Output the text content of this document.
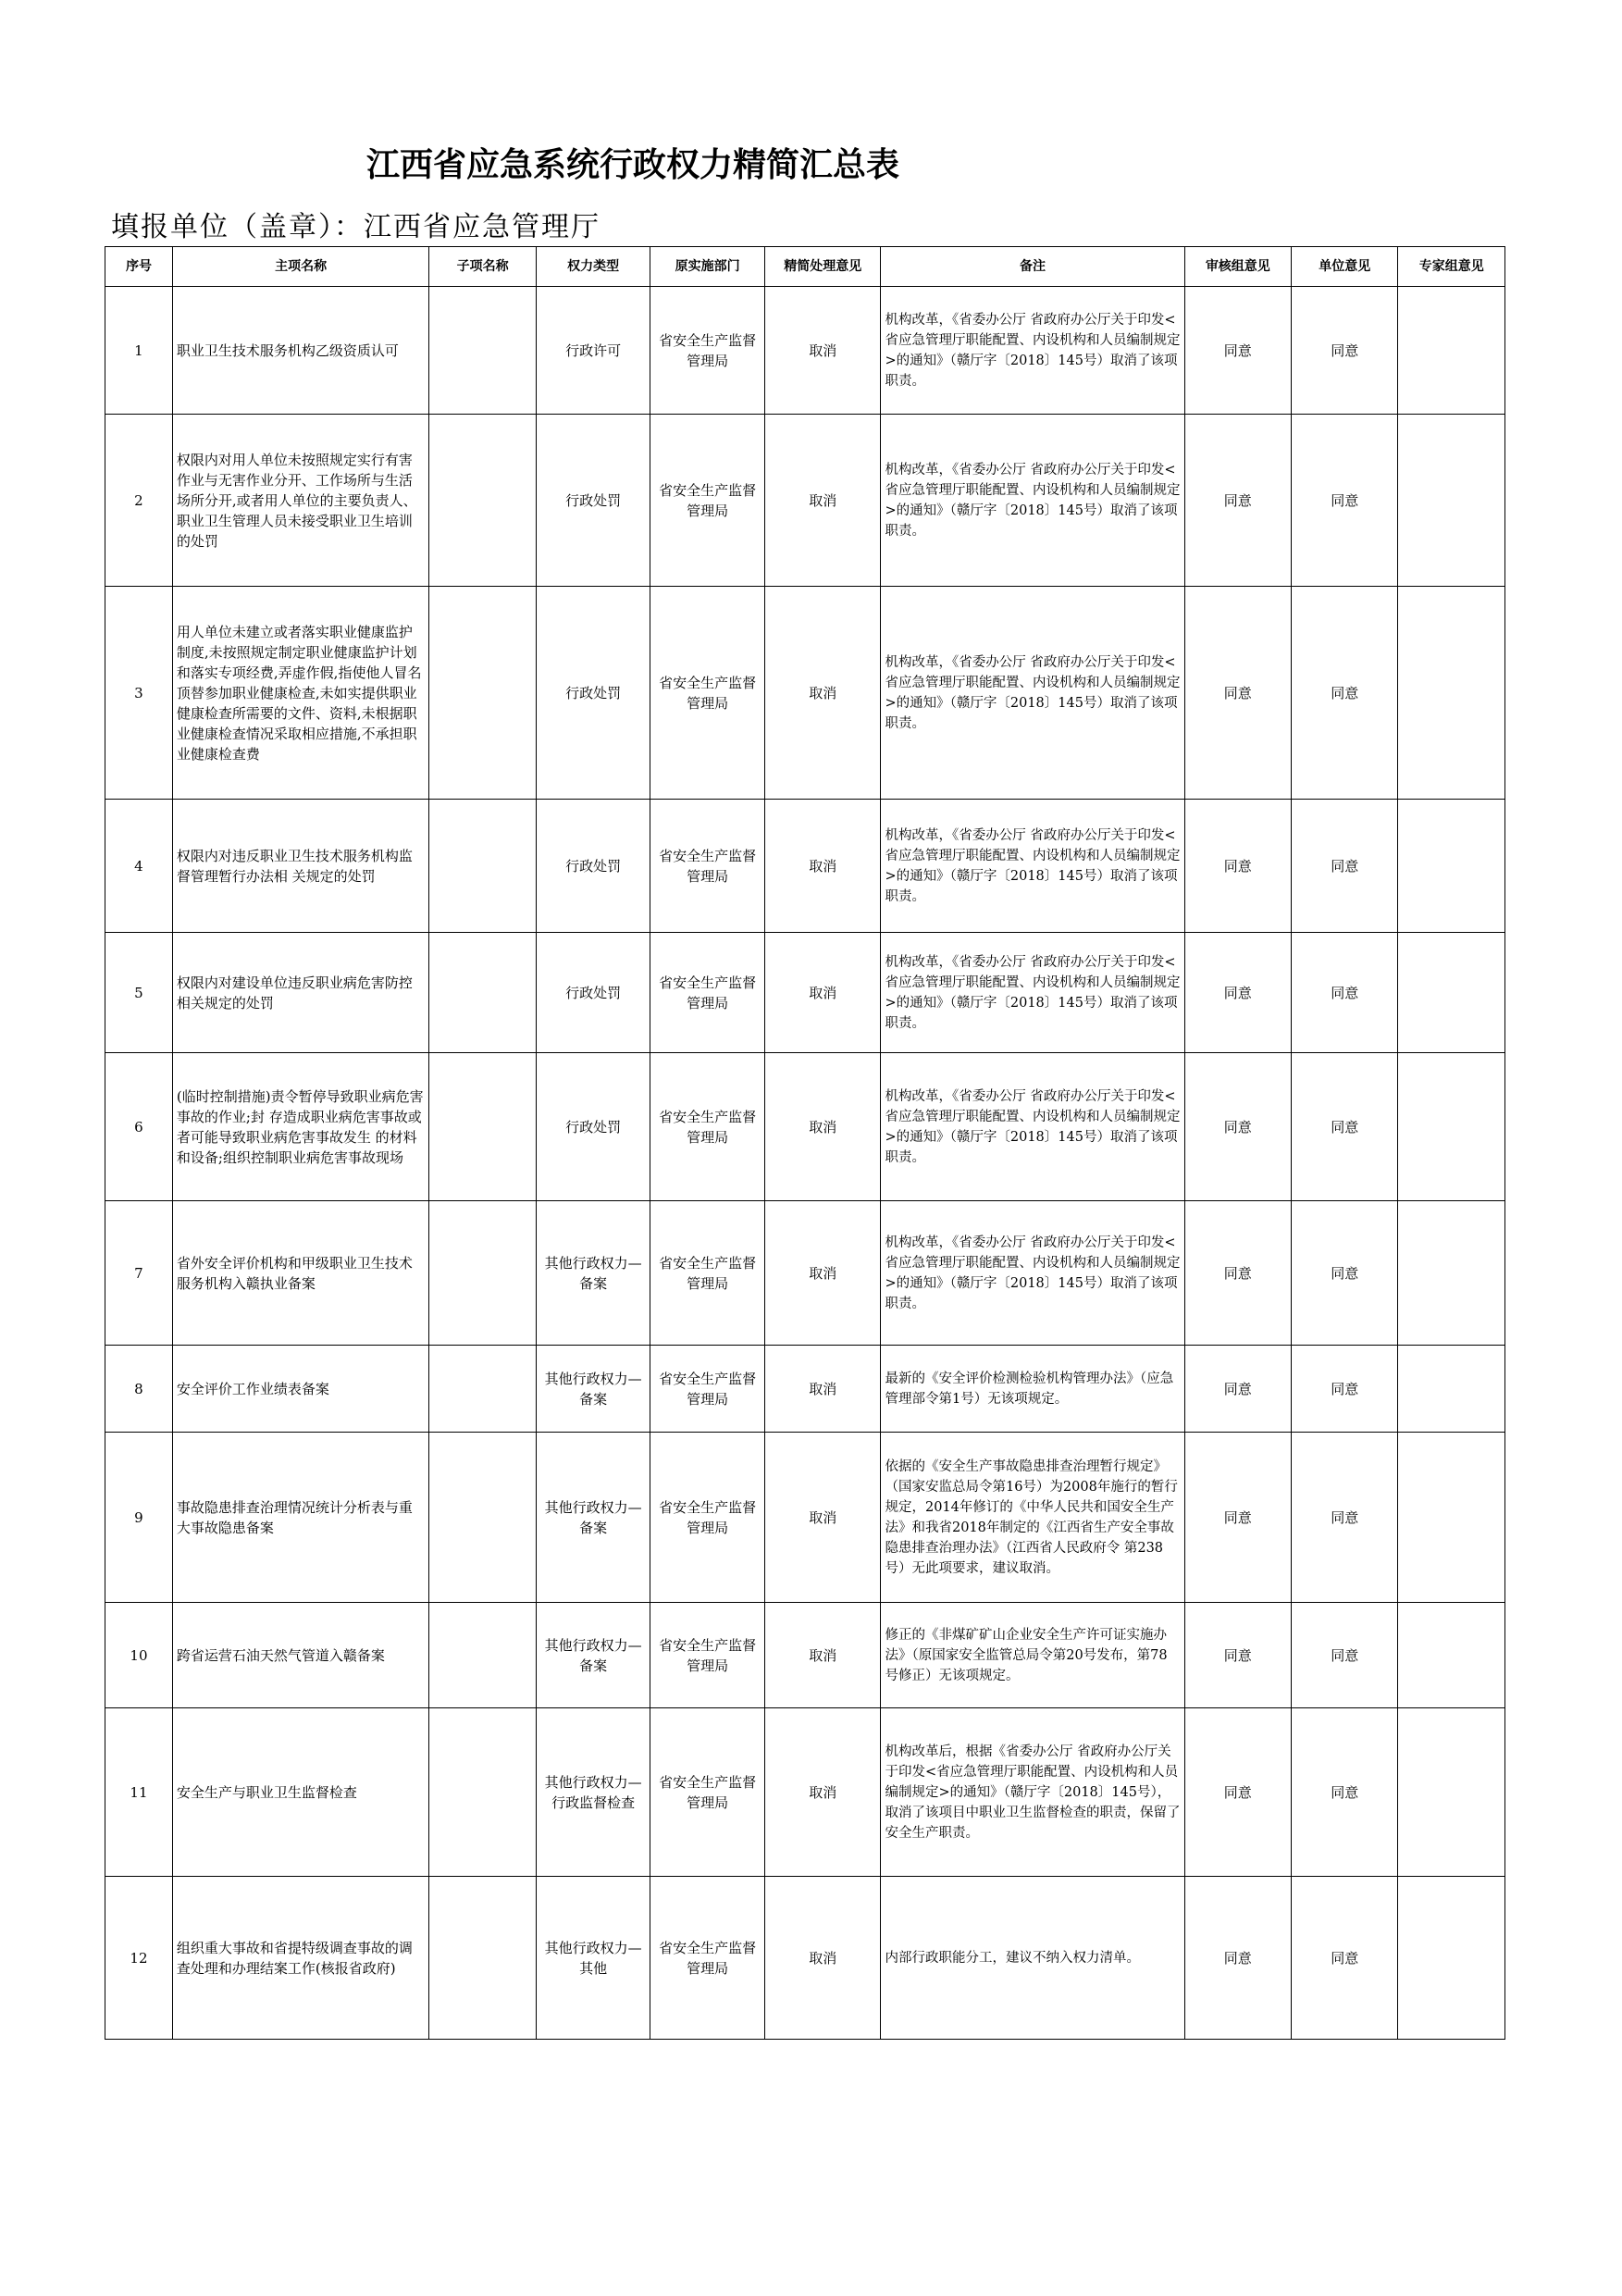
江西省应急系统行政权力精简汇总表
填报单位（盖章）：江西省应急管理厅
序号	主项名称	子项名称	权力类型	原实施部门	精简处理意见	备注	审核组意见	单位意见	专家组意见
1	职业卫生技术服务机构乙级资质认可		行政许可	省安全生产监督管理局	取消	机构改革，《省委办公厅 省政府办公厅关于印发<省应急管理厅职能配置、内设机构和人员编制规定>的通知》（赣厅字〔2018〕145号）取消了该项职责。	同意	同意	
2	权限内对用人单位未按照规定实行有害作业与无害作业分开、工作场所与生活场所分开,或者用人单位的主要负责人、职业卫生管理人员未接受职业卫生培训的处罚		行政处罚	省安全生产监督管理局	取消	机构改革，《省委办公厅 省政府办公厅关于印发<省应急管理厅职能配置、内设机构和人员编制规定>的通知》（赣厅字〔2018〕145号）取消了该项职责。	同意	同意	
3	用人单位未建立或者落实职业健康监护制度,未按照规定制定职业健康监护计划和落实专项经费,弄虚作假,指使他人冒名顶替参加职业健康检查,未如实提供职业健康检查所需要的文件、资料,未根据职业健康检查情况采取相应措施,不承担职业健康检查费		行政处罚	省安全生产监督管理局	取消	机构改革，《省委办公厅 省政府办公厅关于印发<省应急管理厅职能配置、内设机构和人员编制规定>的通知》（赣厅字〔2018〕145号）取消了该项职责。	同意	同意	
4	权限内对违反职业卫生技术服务机构监督管理暂行办法相 关规定的处罚		行政处罚	省安全生产监督管理局	取消	机构改革，《省委办公厅 省政府办公厅关于印发<省应急管理厅职能配置、内设机构和人员编制规定>的通知》（赣厅字〔2018〕145号）取消了该项职责。	同意	同意	
5	权限内对建设单位违反职业病危害防控相关规定的处罚		行政处罚	省安全生产监督管理局	取消	机构改革，《省委办公厅 省政府办公厅关于印发<省应急管理厅职能配置、内设机构和人员编制规定>的通知》（赣厅字〔2018〕145号）取消了该项职责。	同意	同意	
6	(临时控制措施)责令暂停导致职业病危害事故的作业;封 存造成职业病危害事故或者可能导致职业病危害事故发生 的材料和设备;组织控制职业病危害事故现场		行政处罚	省安全生产监督管理局	取消	机构改革，《省委办公厅 省政府办公厅关于印发<省应急管理厅职能配置、内设机构和人员编制规定>的通知》（赣厅字〔2018〕145号）取消了该项职责。	同意	同意	
7	省外安全评价机构和甲级职业卫生技术服务机构入赣执业备案		其他行政权力—备案	省安全生产监督管理局	取消	机构改革，《省委办公厅 省政府办公厅关于印发<省应急管理厅职能配置、内设机构和人员编制规定>的通知》（赣厅字〔2018〕145号）取消了该项职责。	同意	同意	
8	安全评价工作业绩表备案		其他行政权力—备案	省安全生产监督管理局	取消	最新的《安全评价检测检验机构管理办法》（应急管理部令第1号）无该项规定。	同意	同意	
9	事故隐患排查治理情况统计分析表与重大事故隐患备案		其他行政权力—备案	省安全生产监督管理局	取消	依据的《安全生产事故隐患排查治理暂行规定》（国家安监总局令第16号）为2008年施行的暂行规定，2014年修订的《中华人民共和国安全生产法》和我省2018年制定的《江西省生产安全事故隐患排查治理办法》（江西省人民政府令 第238号）无此项要求，建议取消。	同意	同意	
10	跨省运营石油天然气管道入赣备案		其他行政权力—备案	省安全生产监督管理局	取消	修正的《非煤矿矿山企业安全生产许可证实施办法》（原国家安全监管总局令第20号发布，第78号修正）无该项规定。	同意	同意	
11	安全生产与职业卫生监督检查		其他行政权力—行政监督检查	省安全生产监督管理局	取消	机构改革后，根据《省委办公厅 省政府办公厅关于印发<省应急管理厅职能配置、内设机构和人员编制规定>的通知》（赣厅字〔2018〕145号），取消了该项目中职业卫生监督检查的职责，保留了安全生产职责。	同意	同意	
12	组织重大事故和省提特级调查事故的调查处理和办理结案工作(核报省政府)		其他行政权力—其他	省安全生产监督管理局	取消	内部行政职能分工，建议不纳入权力清单。	同意	同意	
